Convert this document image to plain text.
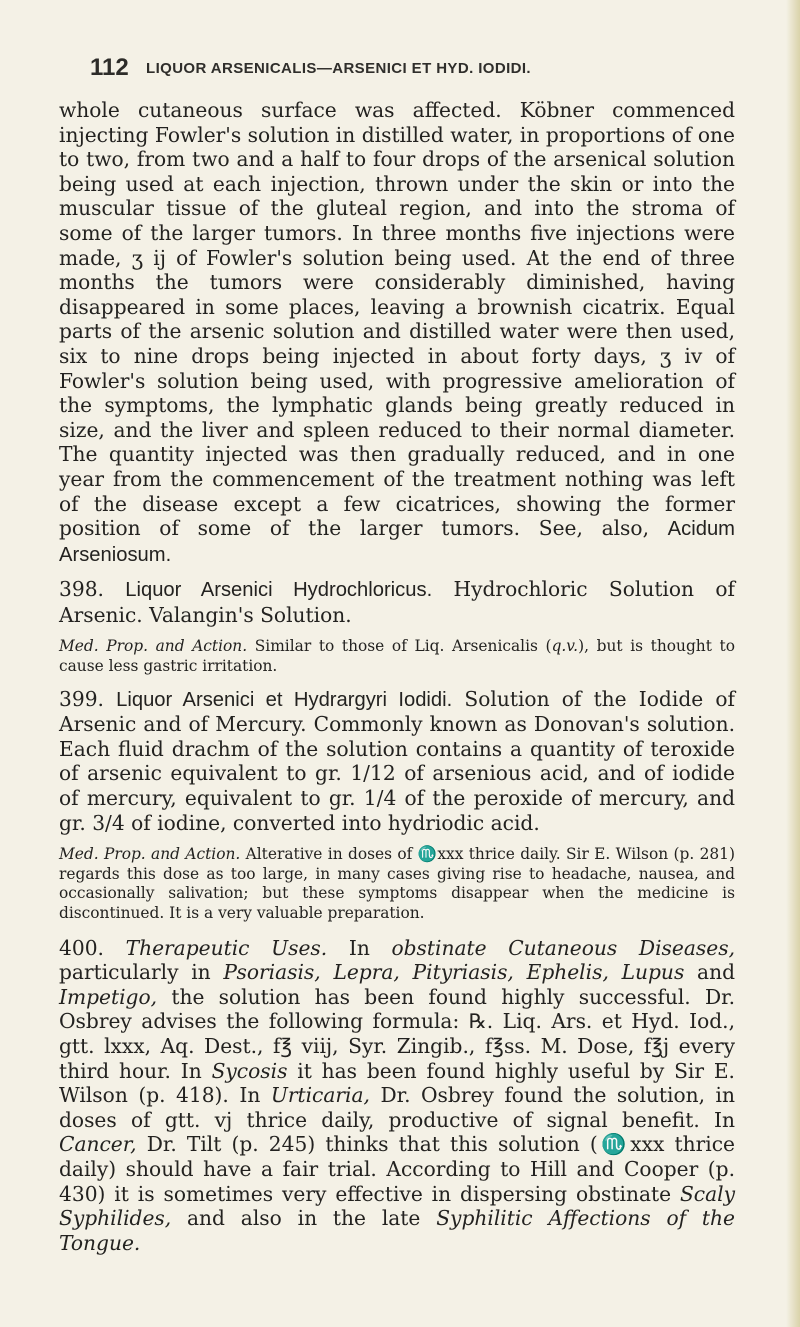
112 LIQUOR ARSENICALIS—ARSENICI ET HYD. IODIDI.

whole cutaneous surface was affected. Köbner commenced injecting Fowler's solution in distilled water, in proportions of one to two, from two and a half to four drops of the arsenical solution being used at each injection, thrown under the skin or into the muscular tissue of the gluteal region, and into the stroma of some of the larger tumors. In three months five injections were made, ʒ ij of Fowler's solution being used. At the end of three months the tumors were considerably diminished, having disappeared in some places, leaving a brownish cicatrix. Equal parts of the arsenic solution and distilled water were then used, six to nine drops being injected in about forty days, ʒ iv of Fowler's solution being used, with progressive amelioration of the symptoms, the lymphatic glands being greatly reduced in size, and the liver and spleen reduced to their normal diameter. The quantity injected was then gradually reduced, and in one year from the commencement of the treatment nothing was left of the disease except a few cicatrices, showing the former position of some of the larger tumors. See, also, Acidum Arseniosum.

398. Liquor Arsenici Hydrochloricus. Hydrochloric Solution of Arsenic. Valangin's Solution.

Med. Prop. and Action. Similar to those of Liq. Arsenicalis (q.v.), but is thought to cause less gastric irritation.

399. Liquor Arsenici et Hydrargyri Iodidi. Solution of the Iodide of Arsenic and of Mercury. Commonly known as Donovan's solution. Each fluid drachm of the solution contains a quantity of teroxide of arsenic equivalent to gr. 1/12 of arsenious acid, and of iodide of mercury, equivalent to gr. 1/4 of the peroxide of mercury, and gr. 3/4 of iodine, converted into hydriodic acid.

Med. Prop. and Action. Alterative in doses of ♏xxx thrice daily. Sir E. Wilson (p. 281) regards this dose as too large, in many cases giving rise to headache, nausea, and occasionally salivation; but these symptoms disappear when the medicine is discontinued. It is a very valuable preparation.

400. Therapeutic Uses. In obstinate Cutaneous Diseases, particularly in Psoriasis, Lepra, Pityriasis, Ephelis, Lupus and Impetigo, the solution has been found highly successful. Dr. Osbrey advises the following formula: ℞. Liq. Ars. et Hyd. Iod., gtt. lxxx, Aq. Dest., f℥ viij, Syr. Zingib., f℥ss. M. Dose, f℥j every third hour. In Sycosis it has been found highly useful by Sir E. Wilson (p. 418). In Urticaria, Dr. Osbrey found the solution, in doses of gtt. vj thrice daily, productive of signal benefit. In Cancer, Dr. Tilt (p. 245) thinks that this solution (♏xxx thrice daily) should have a fair trial. According to Hill and Cooper (p. 430) it is sometimes very effective in dispersing obstinate Scaly Syphilides, and also in the late Syphilitic Affections of the Tongue.
